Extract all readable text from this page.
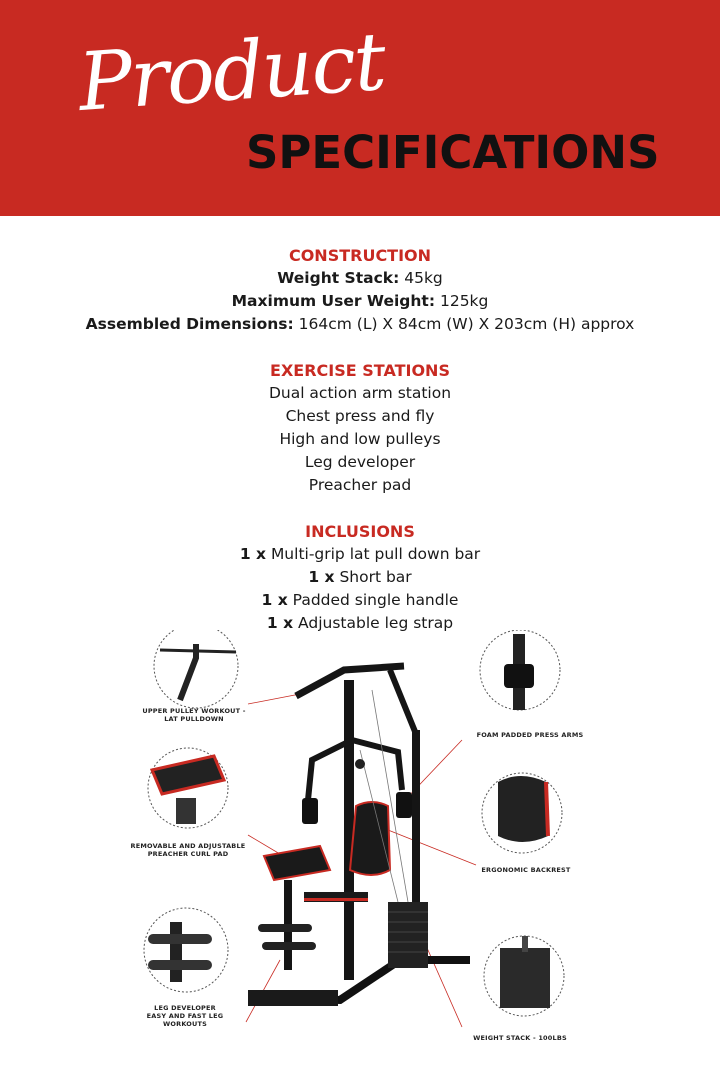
Product
SPECIFICATIONS
CONSTRUCTION
Weight Stack: 45kg
Maximum User Weight: 125kg
Assembled Dimensions: 164cm (L) X 84cm (W) X 203cm (H) approx
EXERCISE STATIONS
Dual action arm station
Chest press and fly
High and low pulleys
Leg developer
Preacher pad
INCLUSIONS
1 x Multi-grip lat pull down bar
1 x Short bar
1 x Padded single handle
1 x Adjustable leg strap
UPPER PULLEY WORKOUT -
LAT PULLDOWN
REMOVABLE AND ADJUSTABLE
PREACHER CURL PAD
LEG DEVELOPER
EASY AND FAST LEG
WORKOUTS
FOAM PADDED PRESS ARMS
ERGONOMIC BACKREST
WEIGHT STACK - 100LBS
